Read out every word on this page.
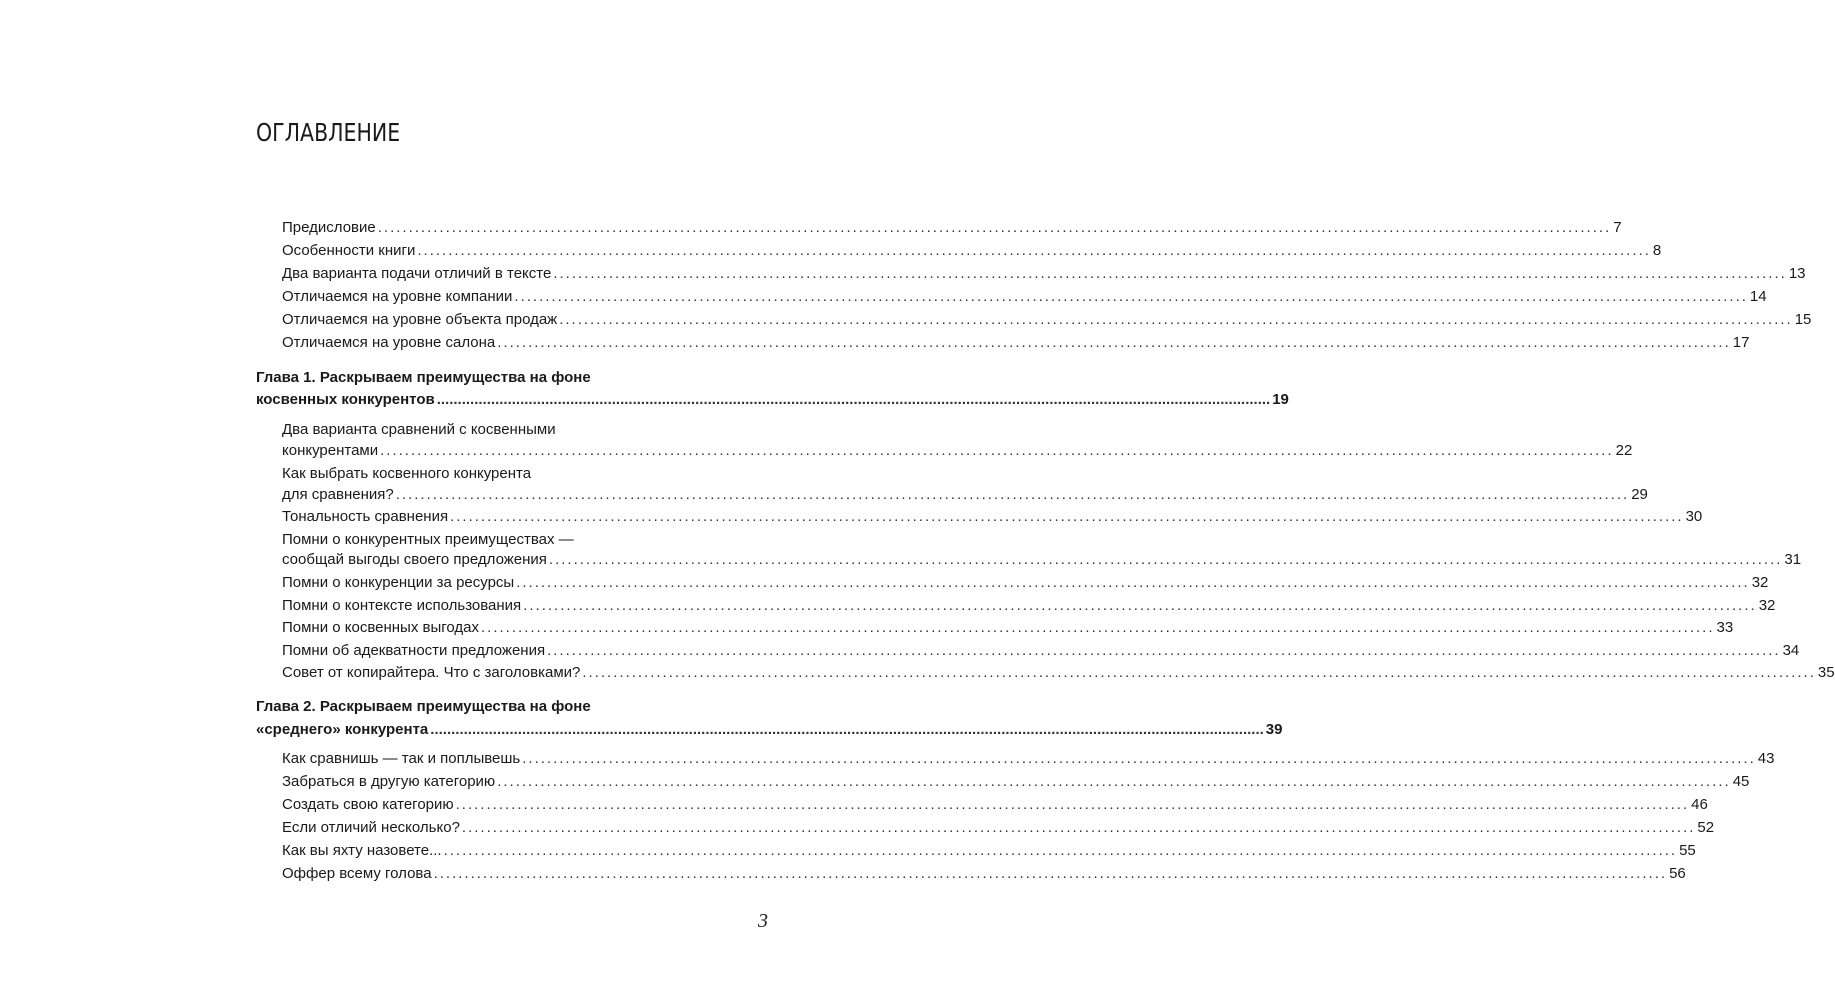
ОГЛАВЛЕНИЕ
Предисловие ........................................................................................................................................................................................................ 7
Особенности книги ........................................................................................................................................................................................................ 8
Два варианта подачи отличий в тексте ........................................................................................................................................................................................................ 13
Отличаемся на уровне компании ........................................................................................................................................................................................................ 14
Отличаемся на уровне объекта продаж ........................................................................................................................................................................................................ 15
Отличаемся на уровне салона ........................................................................................................................................................................................................ 17
Глава 1. Раскрываем преимущества на фоне
косвенных конкурентов ........................................................................................................................................................................................................ 19
Два варианта сравнений с косвенными
конкурентами ........................................................................................................................................................................................................ 22
Как выбрать косвенного конкурента
для сравнения? ........................................................................................................................................................................................................ 29
Тональность сравнения ........................................................................................................................................................................................................ 30
Помни о конкурентных преимуществах —
сообщай выгоды своего предложения ........................................................................................................................................................................................................ 31
Помни о конкуренции за ресурсы ........................................................................................................................................................................................................ 32
Помни о контексте использования ........................................................................................................................................................................................................ 32
Помни о косвенных выгодах ........................................................................................................................................................................................................ 33
Помни об адекватности предложения ........................................................................................................................................................................................................ 34
Совет от копирайтера. Что с заголовками? ........................................................................................................................................................................................................ 35
Глава 2. Раскрываем преимущества на фоне
«среднего» конкурента ........................................................................................................................................................................................................ 39
Как сравнишь — так и поплывешь ........................................................................................................................................................................................................ 43
Забраться в другую категорию ........................................................................................................................................................................................................ 45
Создать свою категорию ........................................................................................................................................................................................................ 46
Если отличий несколько? ........................................................................................................................................................................................................ 52
Как вы яхту назовете... ........................................................................................................................................................................................................ 55
Оффер всему голова ........................................................................................................................................................................................................ 56
3
